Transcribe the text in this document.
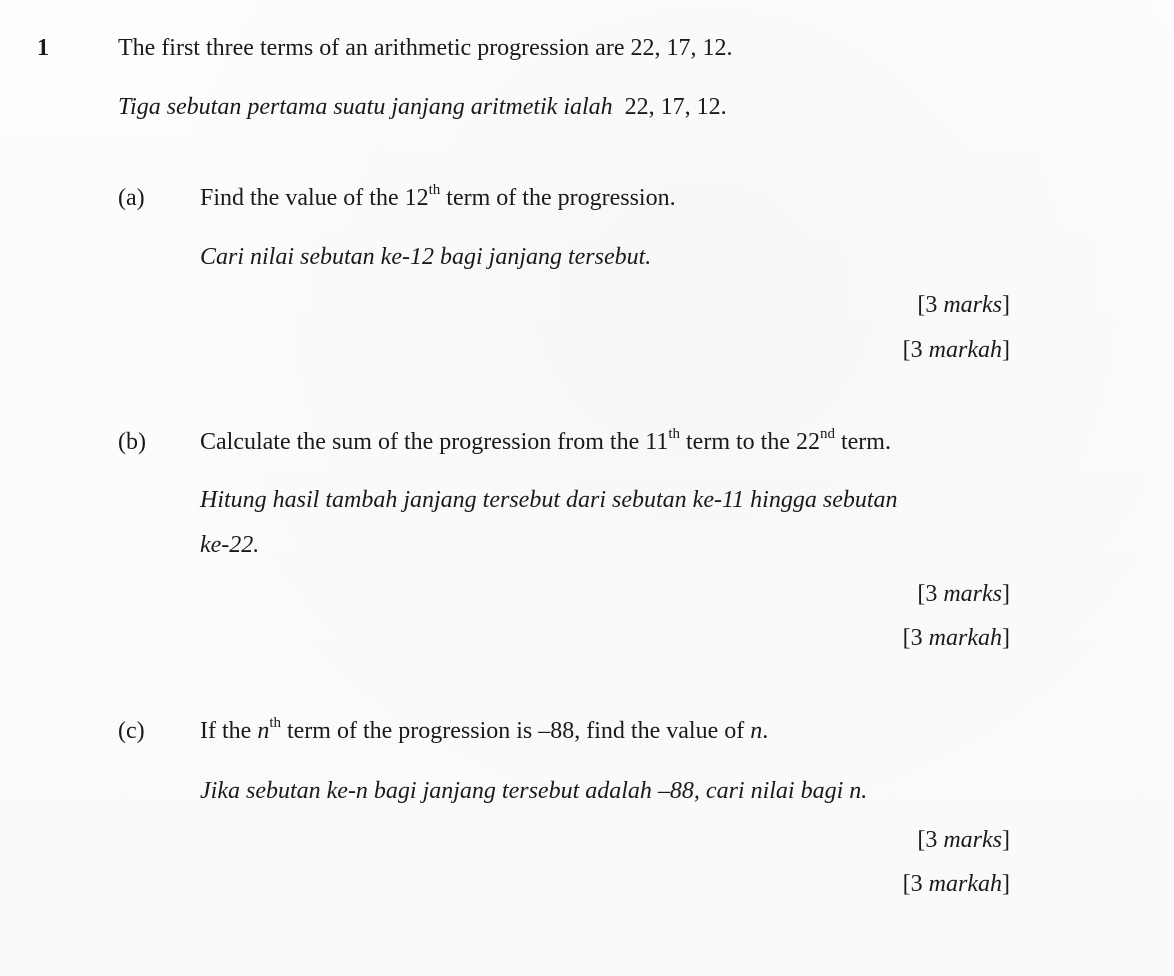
1	The first three terms of an arithmetic progression are 22, 17, 12.
Tiga sebutan pertama suatu janjang aritmetik ialah 22, 17, 12.
(a) Find the value of the 12th term of the progression.
Cari nilai sebutan ke-12 bagi janjang tersebut.
[3 marks]
[3 markah]
(b) Calculate the sum of the progression from the 11th term to the 22nd term.
Hitung hasil tambah janjang tersebut dari sebutan ke-11 hingga sebutan
ke-22.
[3 marks]
[3 markah]
(c) If the $n^{th}$ term of the progression is –88, find the value of n.
Jika sebutan ke-n bagi janjang tersebut adalah –88, cari nilai bagi n.
[3 marks]
[3 markah]
